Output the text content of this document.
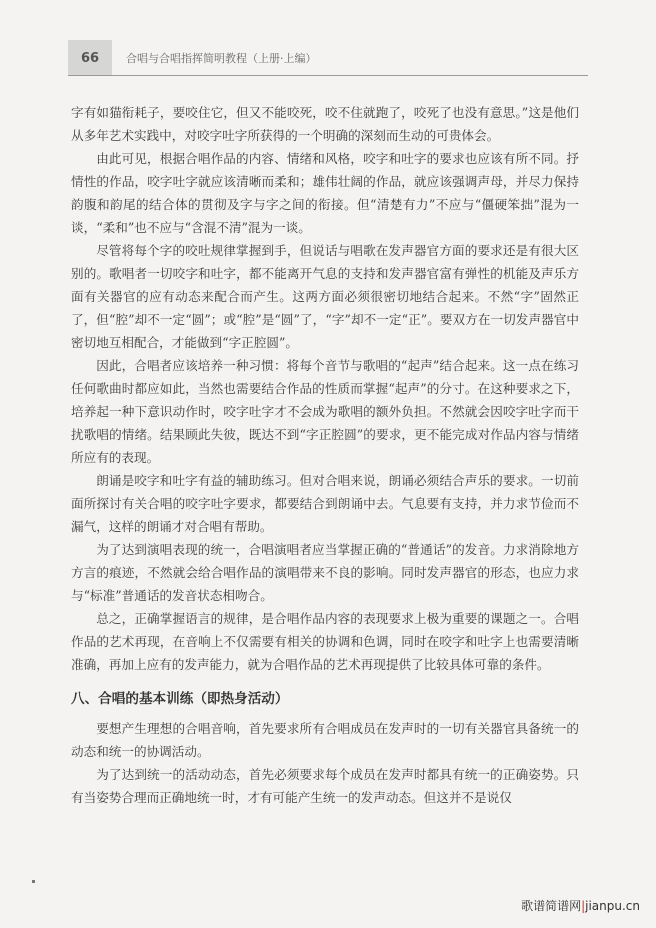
66	合唱与合唱指挥简明教程（上册·上编）

字有如猫衔耗子，要咬住它，但又不能咬死，咬不住就跑了，咬死了也没有意思。”这是他们从多年艺术实践中，对咬字吐字所获得的一个明确的深刻而生动的可贵体会。

由此可见，根据合唱作品的内容、情绪和风格，咬字和吐字的要求也应该有所不同。抒情性的作品，咬字吐字就应该清晰而柔和；雄伟壮阔的作品，就应该强调声母，并尽力保持韵腹和韵尾的结合体的贯彻及字与字之间的衔接。但“清楚有力”不应与“僵硬笨拙”混为一谈，“柔和”也不应与“含混不清”混为一谈。

尽管将每个字的咬吐规律掌握到手，但说话与唱歌在发声器官方面的要求还是有很大区别的。歌唱者一切咬字和吐字，都不能离开气息的支持和发声器官富有弹性的机能及声乐方面有关器官的应有动态来配合而产生。这两方面必须很密切地结合起来。不然“字”固然正了，但“腔”却不一定“圆”；或“腔”是“圆”了，“字”却不一定“正”。要双方在一切发声器官中密切地互相配合，才能做到“字正腔圆”。

因此，合唱者应该培养一种习惯：将每个音节与歌唱的“起声”结合起来。这一点在练习任何歌曲时都应如此，当然也需要结合作品的性质而掌握“起声”的分寸。在这种要求之下，培养起一种下意识动作时，咬字吐字才不会成为歌唱的额外负担。不然就会因咬字吐字而干扰歌唱的情绪。结果顾此失彼，既达不到“字正腔圆”的要求，更不能完成对作品内容与情绪所应有的表现。

朗诵是咬字和吐字有益的辅助练习。但对合唱来说，朗诵必须结合声乐的要求。一切前面所探讨有关合唱的咬字吐字要求，都要结合到朗诵中去。气息要有支持，并力求节俭而不漏气，这样的朗诵才对合唱有帮助。

为了达到演唱表现的统一，合唱演唱者应当掌握正确的“普通话”的发音。力求消除地方方言的痕迹，不然就会给合唱作品的演唱带来不良的影响。同时发声器官的形态，也应力求与“标准”普通话的发音状态相吻合。

总之，正确掌握语言的规律，是合唱作品内容的表现要求上极为重要的课题之一。合唱作品的艺术再现，在音响上不仅需要有相关的协调和色调，同时在咬字和吐字上也需要清晰准确，再加上应有的发声能力，就为合唱作品的艺术再现提供了比较具体可靠的条件。

八、合唱的基本训练（即热身活动）

要想产生理想的合唱音响，首先要求所有合唱成员在发声时的一切有关器官具备统一的动态和统一的协调活动。

为了达到统一的活动动态，首先必须要求每个成员在发声时都具有统一的正确姿势。只有当姿势合理而正确地统一时，才有可能产生统一的发声动态。但这并不是说仅

歌谱简谱网|jianpu.cn
